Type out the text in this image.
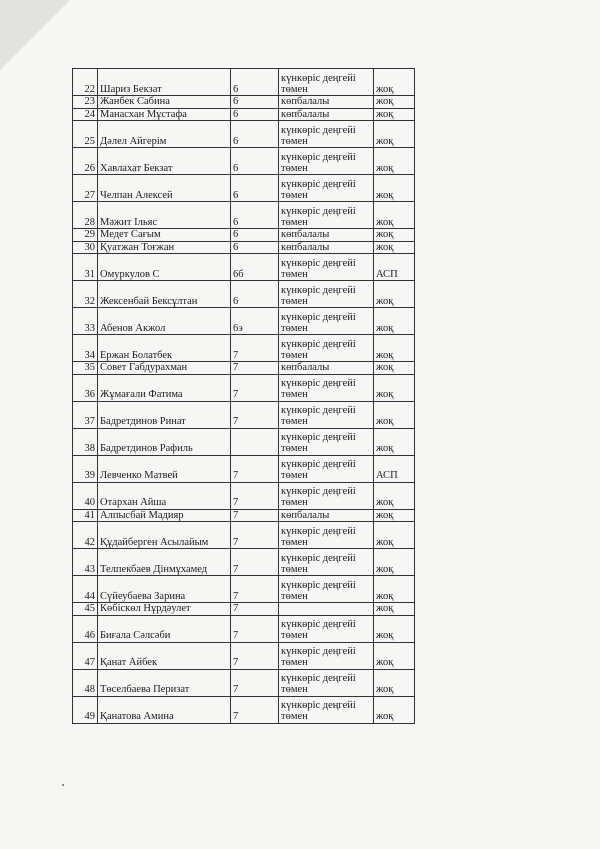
22	Шариз Бекзат	6	күнкөріс деңгейі
төмен	жоқ
23	Жанбек Сабина	6	көпбалалы	жоқ
24	Манасхан Мұстафа	6	көпбалалы	жоқ
25	Дәлел Айгерім	6	күнкөріс деңгейі
төмен	жоқ
26	Хавлахат Бекзат	6	күнкөріс деңгейі
төмен	жоқ
27	Челпан Алексей	6	күнкөріс деңгейі
төмен	жоқ
28	Мәжит Ільяс	6	күнкөріс деңгейі
төмен	жоқ
29	Медет Сағым	6	көпбалалы	жоқ
30	Қуатжан Тоғжан	6	көпбалалы	жоқ
31	Омуркулов С	6б	күнкөріс деңгейі
төмен	АСП
32	Жексенбай Бексұлтан	6	күнкөріс деңгейі
төмен	жоқ
33	Абенов Акжол	6э	күнкөріс деңгейі
төмен	жоқ
34	Ержан Болатбек	7	күнкөріс деңгейі
төмен	жоқ
35	Совет Габдурахман	7	көпбалалы	жоқ
36	Жұмағали Фатима	7	күнкөріс деңгейі
төмен	жоқ
37	Бадретдинов Ринат	7	күнкөріс деңгейі
төмен	жоқ
38	Бадретдинов Рафиль		күнкөріс деңгейі
төмен	жоқ
39	Левченко Матвей	7	күнкөріс деңгейі
төмен	АСП
40	Отархан Айша	7	күнкөріс деңгейі
төмен	жоқ
41	Алпысбай Мадияр	7	көпбалалы	жоқ
42	Құдайберген Асылайым	7	күнкөріс деңгейі
төмен	жоқ
43	Телпекбаев Дінмұхамед	7	күнкөріс деңгейі
төмен	жоқ
44	Сүйеубаева Зарина	7	күнкөріс деңгейі
төмен	жоқ
45	Көбіскөл Нұрдәулет	7		жоқ
46	Биғала Сәлсәби	7	күнкөріс деңгейі
төмен	жоқ
47	Қанат Айбек	7	күнкөріс деңгейі
төмен	жоқ
48	Төселбаева Перизат	7	күнкөріс деңгейі
төмен	жоқ
49	Қанатова Амина	7	күнкөріс деңгейі
төмен	жоқ
